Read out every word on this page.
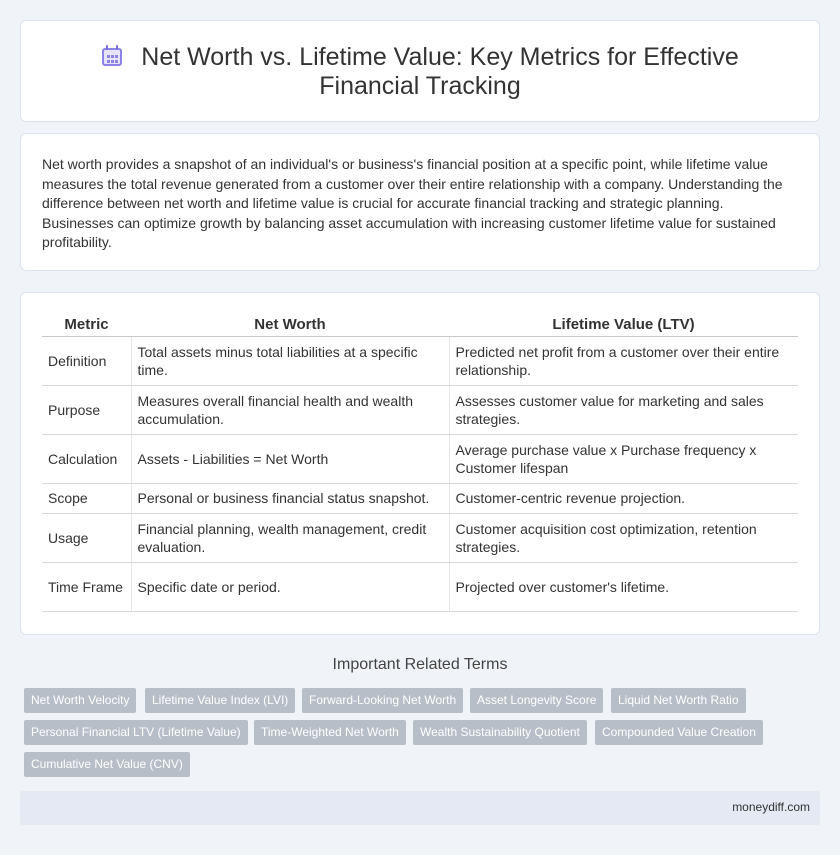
Net Worth vs. Lifetime Value: Key Metrics for Effective Financial Tracking

Net worth provides a snapshot of an individual's or business's financial position at a specific point, while lifetime value measures the total revenue generated from a customer over their entire relationship with a company. Understanding the difference between net worth and lifetime value is crucial for accurate financial tracking and strategic planning. Businesses can optimize growth by balancing asset accumulation with increasing customer lifetime value for sustained profitability.

Metric	Net Worth	Lifetime Value (LTV)
Definition	Total assets minus total liabilities at a specific time.	Predicted net profit from a customer over their entire relationship.
Purpose	Measures overall financial health and wealth accumulation.	Assesses customer value for marketing and sales strategies.
Calculation	Assets - Liabilities = Net Worth	Average purchase value x Purchase frequency x Customer lifespan
Scope	Personal or business financial status snapshot.	Customer-centric revenue projection.
Usage	Financial planning, wealth management, credit evaluation.	Customer acquisition cost optimization, retention strategies.
Time Frame	Specific date or period.	Projected over customer's lifetime.
Important Related Terms
Net Worth Velocity	Lifetime Value Index (LVI)	Forward-Looking Net Worth	Asset Longevity Score	Liquid Net Worth Ratio
Personal Financial LTV (Lifetime Value)	Time-Weighted Net Worth	Wealth Sustainability Quotient	Compounded Value Creation
Cumulative Net Value (CNV)
moneydiff.com
